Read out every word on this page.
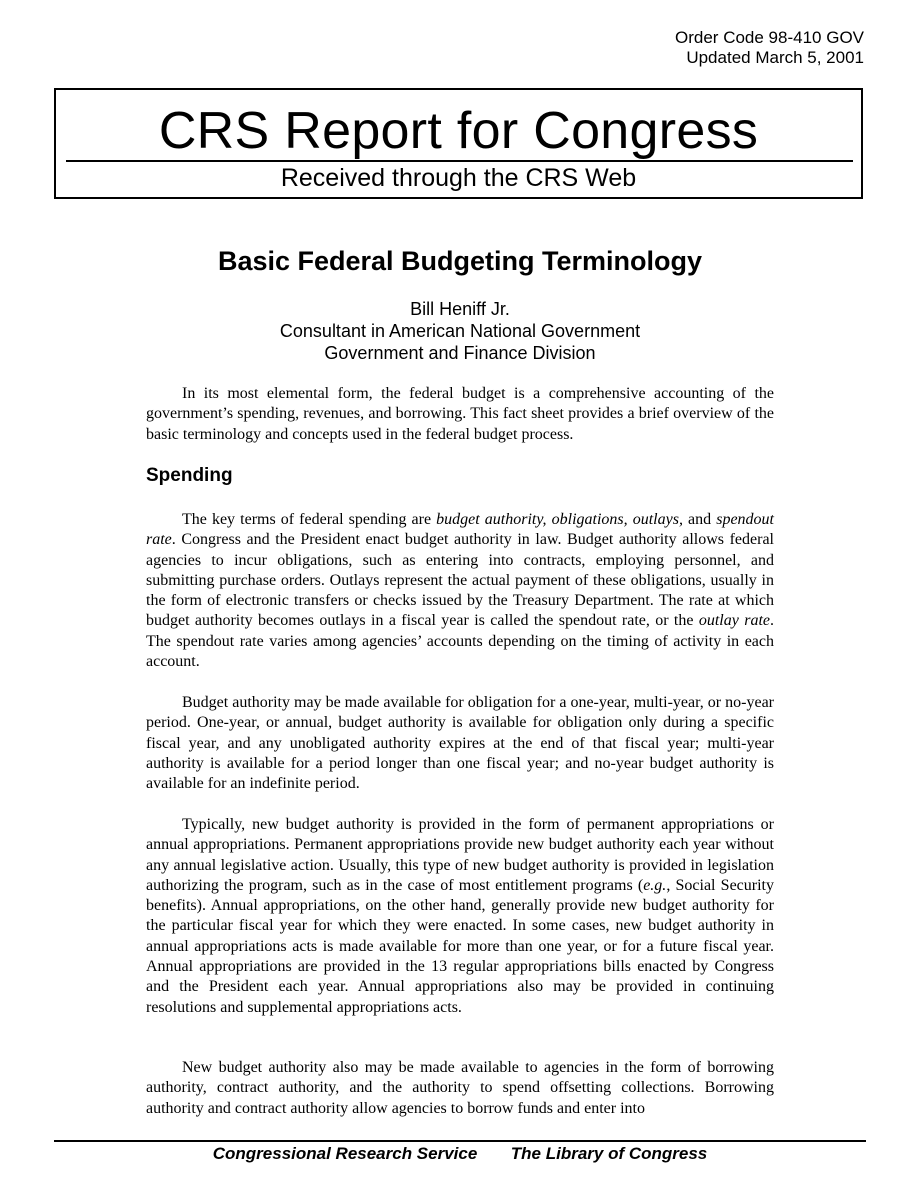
Order Code 98-410 GOV
Updated March 5, 2001
CRS Report for Congress
Received through the CRS Web
Basic Federal Budgeting Terminology
Bill Heniff Jr.
Consultant in American National Government
Government and Finance Division

In its most elemental form, the federal budget is a comprehensive accounting of the government’s spending, revenues, and borrowing. This fact sheet provides a brief overview of the basic terminology and concepts used in the federal budget process.

Spending

The key terms of federal spending are budget authority, obligations, outlays, and spendout rate. Congress and the President enact budget authority in law. Budget authority allows federal agencies to incur obligations, such as entering into contracts, employing personnel, and submitting purchase orders. Outlays represent the actual payment of these obligations, usually in the form of electronic transfers or checks issued by the Treasury Department. The rate at which budget authority becomes outlays in a fiscal year is called the spendout rate, or the outlay rate. The spendout rate varies among agencies’ accounts depending on the timing of activity in each account.

Budget authority may be made available for obligation for a one-year, multi-year, or no-year period. One-year, or annual, budget authority is available for obligation only during a specific fiscal year, and any unobligated authority expires at the end of that fiscal year; multi-year authority is available for a period longer than one fiscal year; and no-year budget authority is available for an indefinite period.

Typically, new budget authority is provided in the form of permanent appropriations or annual appropriations. Permanent appropriations provide new budget authority each year without any annual legislative action. Usually, this type of new budget authority is provided in legislation authorizing the program, such as in the case of most entitlement programs (e.g., Social Security benefits). Annual appropriations, on the other hand, generally provide new budget authority for the particular fiscal year for which they were enacted. In some cases, new budget authority in annual appropriations acts is made available for more than one year, or for a future fiscal year. Annual appropriations are provided in the 13 regular appropriations bills enacted by Congress and the President each year. Annual appropriations also may be provided in continuing resolutions and supplemental appropriations acts.

New budget authority also may be made available to agencies in the form of borrowing authority, contract authority, and the authority to spend offsetting collections. Borrowing authority and contract authority allow agencies to borrow funds and enter into

Congressional Research Service The Library of Congress
